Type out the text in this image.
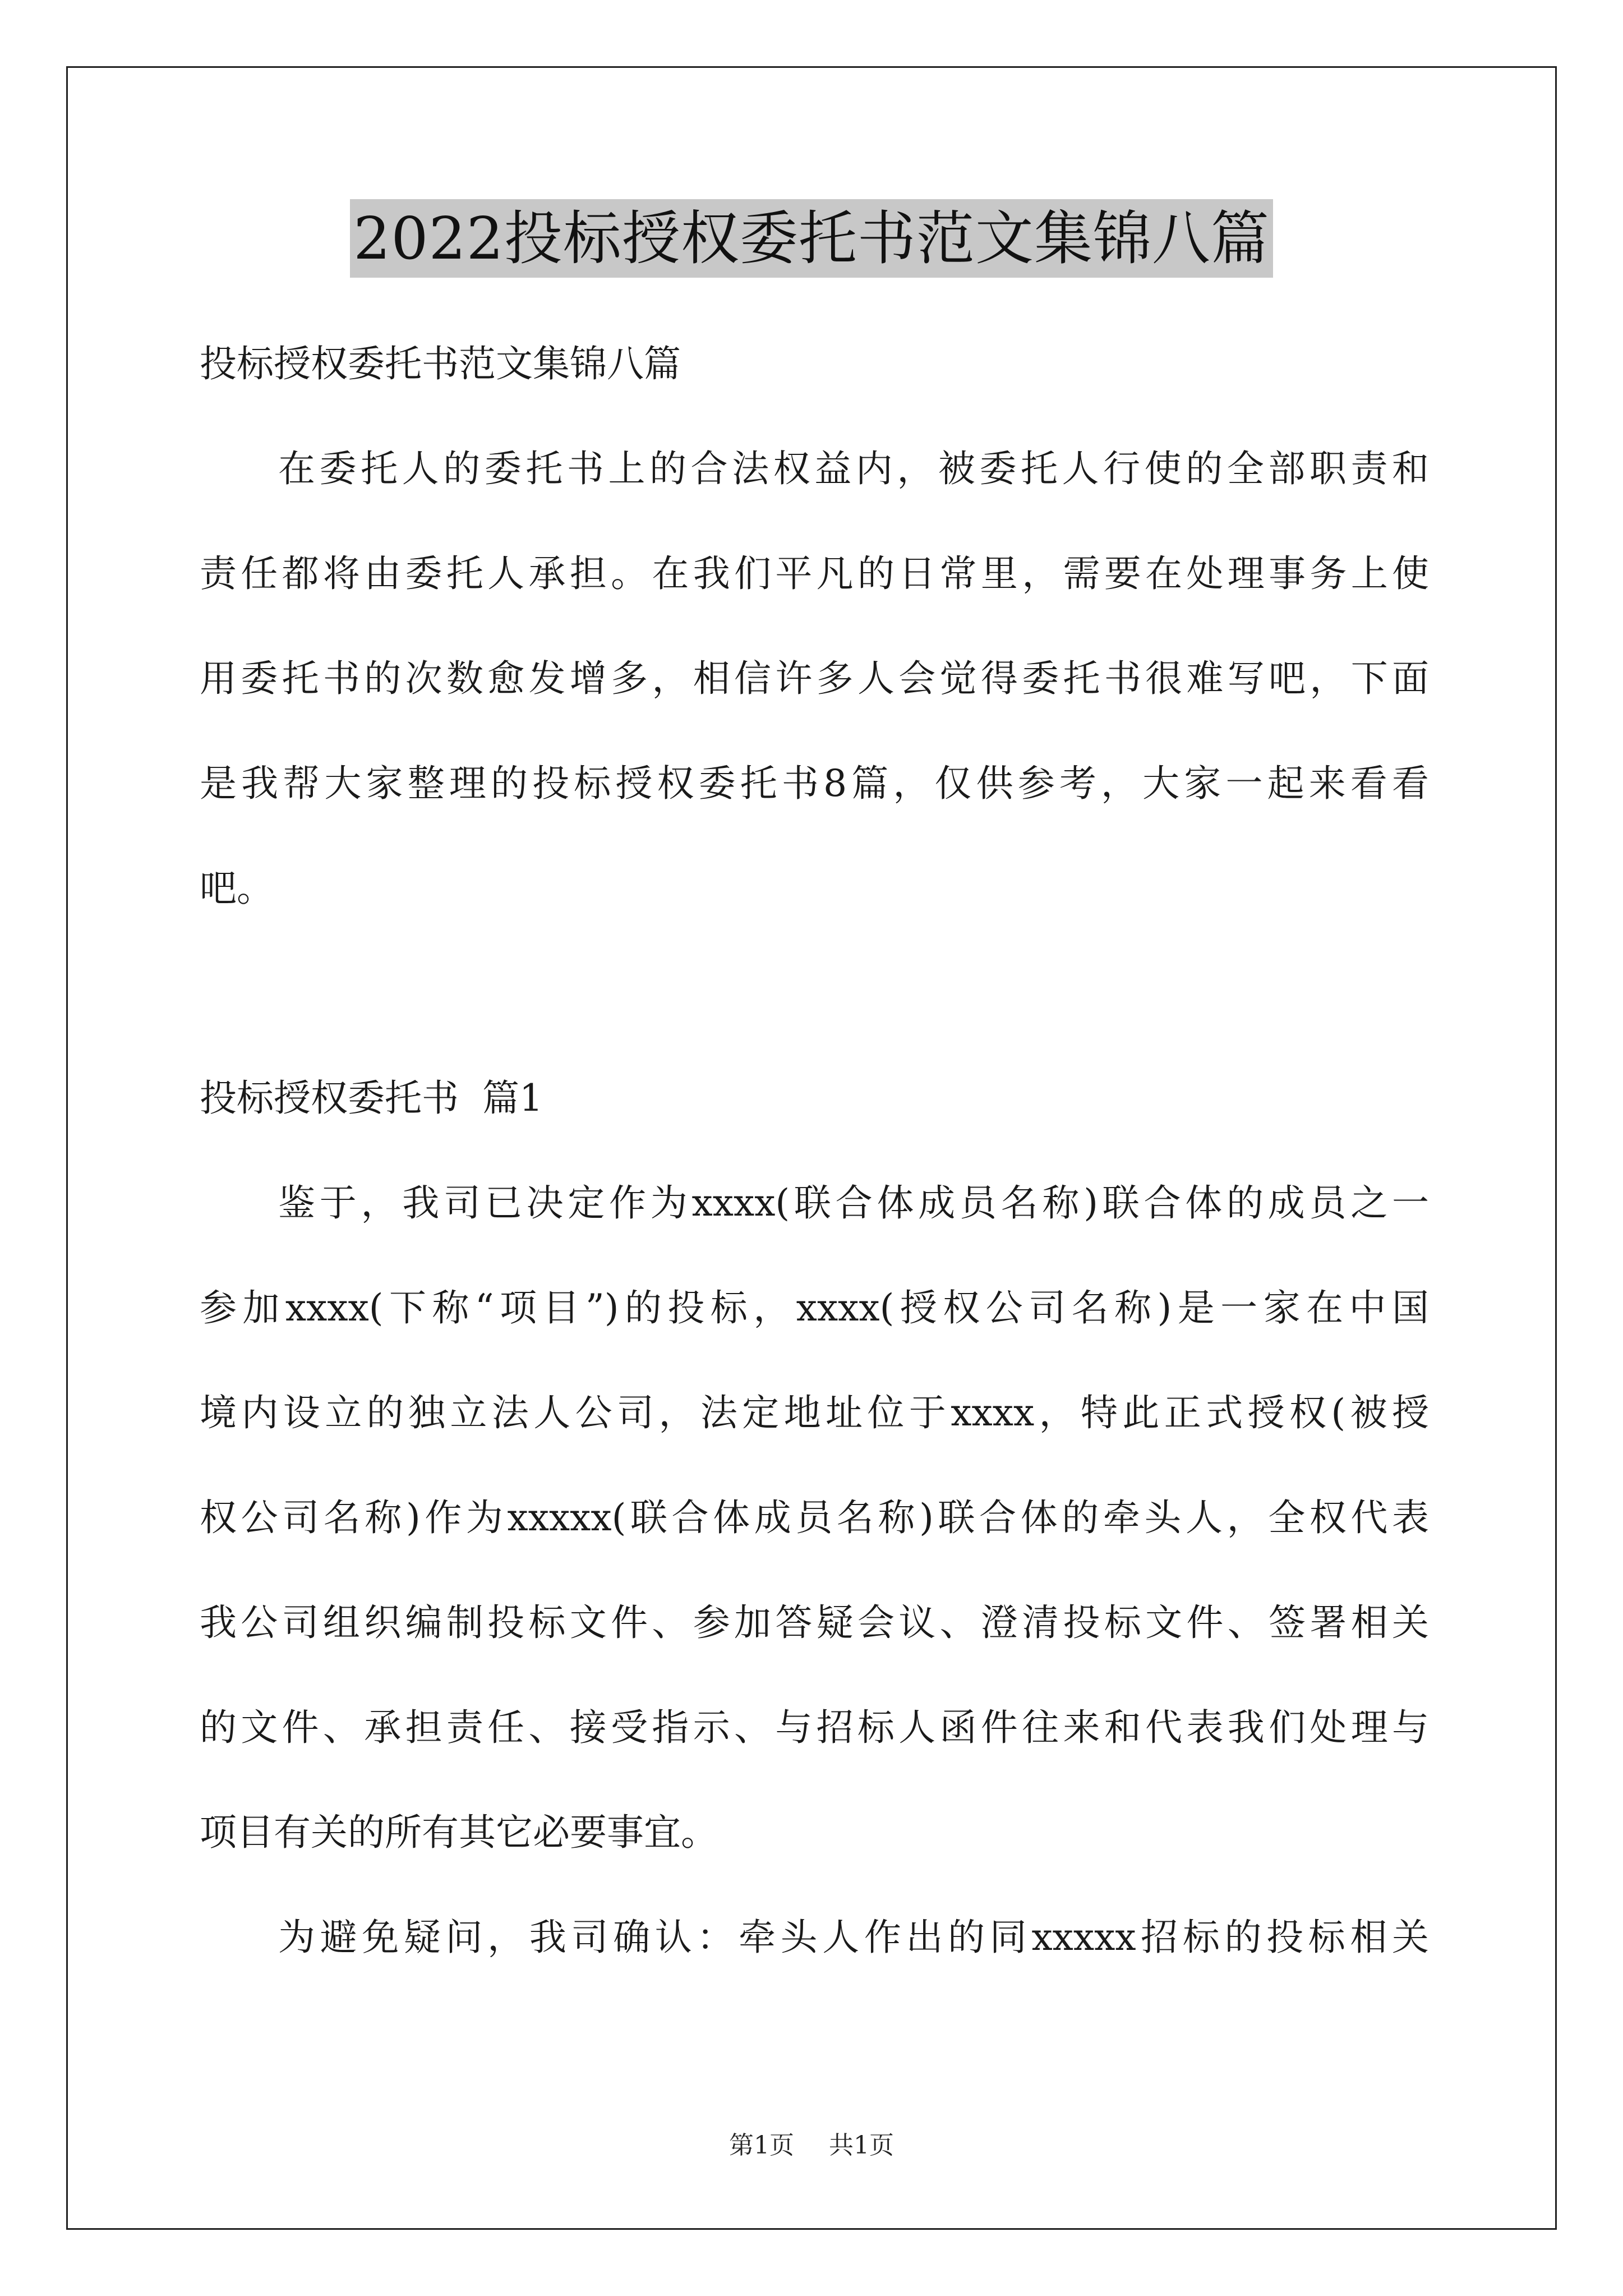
2022投标授权委托书范文集锦八篇
投标授权委托书范文集锦八篇
在委托人的委托书上的合法权益内，被委托人行使的全部职责和
责任都将由委托人承担。在我们平凡的日常里，需要在处理事务上使
用委托书的次数愈发增多，相信许多人会觉得委托书很难写吧，下面
是我帮大家整理的投标授权委托书8篇，仅供参考，大家一起来看看
吧。
投标授权委托书  篇1
鉴于，我司已决定作为xxxx(联合体成员名称)联合体的成员之一
参加xxxx(下称“项目”)的投标，xxxx(授权公司名称)是一家在中国
境内设立的独立法人公司，法定地址位于xxxx，特此正式授权(被授
权公司名称)作为xxxxx(联合体成员名称)联合体的牵头人，全权代表
我公司组织编制投标文件、参加答疑会议、澄清投标文件、签署相关
的文件、承担责任、接受指示、与招标人函件往来和代表我们处理与
项目有关的所有其它必要事宜。
为避免疑问，我司确认：牵头人作出的同xxxxx招标的投标相关
第1页 共1页
